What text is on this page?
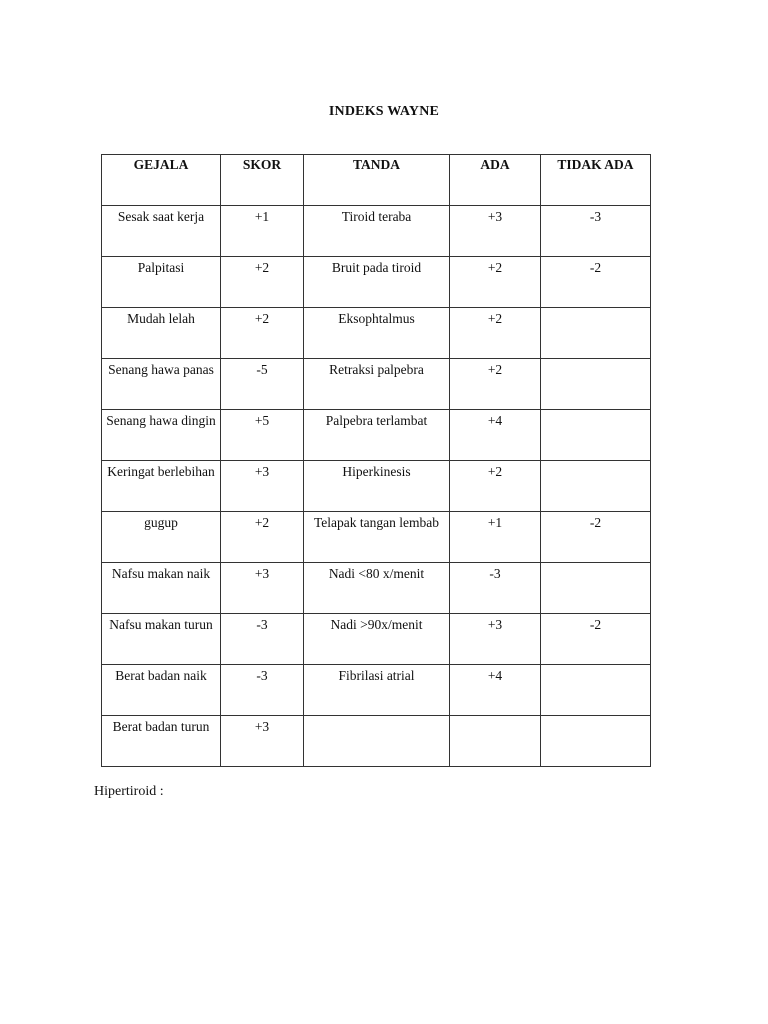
INDEKS WAYNE
GEJALA	SKOR	TANDA	ADA	TIDAK ADA

Sesak saat kerja	+1	Tiroid teraba	+3	-3

Palpitasi	+2	Bruit pada tiroid	+2	-2

Mudah lelah	+2	Eksophtalmus	+2	

Senang hawa panas	-5	Retraksi palpebra	+2	

Senang hawa dingin	+5	Palpebra terlambat	+4	

Keringat berlebihan	+3	Hiperkinesis	+2	

gugup	+2	Telapak tangan lembab	+1	-2

Nafsu makan naik	+3	Nadi <80 x/menit	-3	

Nafsu makan turun	-3	Nadi >90x/menit	+3	-2

Berat badan naik	-3	Fibrilasi atrial	+4	

Berat badan turun	+3			

Hipertiroid :
